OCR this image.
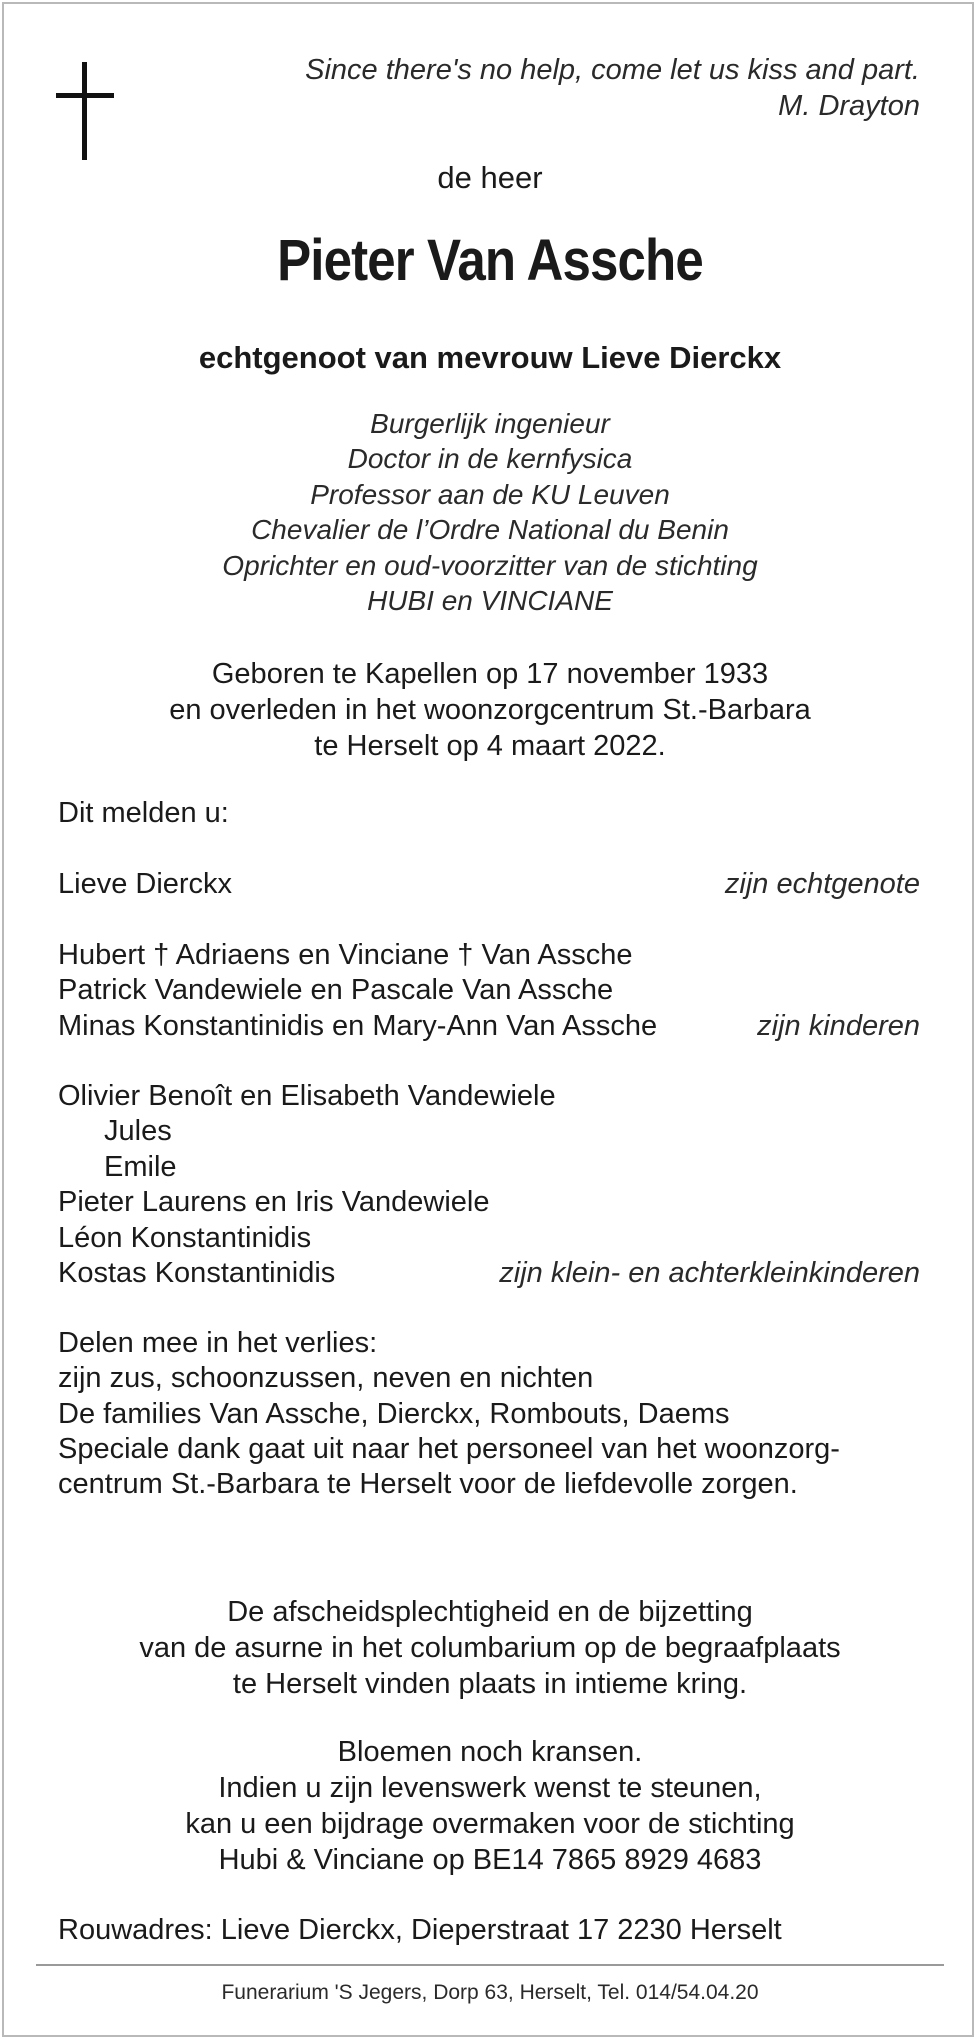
Since there's no help, come let us kiss and part.
M. Drayton
de heer
Pieter Van Assche
echtgenoot van mevrouw Lieve Dierckx
Burgerlijk ingenieur
Doctor in de kernfysica
Professor aan de KU Leuven
Chevalier de l’Ordre National du Benin
Oprichter en oud-voorzitter van de stichting
HUBI en VINCIANE
Geboren te Kapellen op 17 november 1933
en overleden in het woonzorgcentrum St.-Barbara
te Herselt op 4 maart 2022.
Dit melden u:
Lieve Dierckx	zijn echtgenote
Hubert † Adriaens en Vinciane † Van Assche
Patrick Vandewiele en Pascale Van Assche
Minas Konstantinidis en Mary-Ann Van Assche	zijn kinderen
Olivier Benoît en Elisabeth Vandewiele
Jules
Emile
Pieter Laurens en Iris Vandewiele
Léon Konstantinidis
Kostas Konstantinidis	zijn klein- en achterkleinkinderen
Delen mee in het verlies:
zijn zus, schoonzussen, neven en nichten
De families Van Assche, Dierckx, Rombouts, Daems
Speciale dank gaat uit naar het personeel van het woonzorg-
centrum St.-Barbara te Herselt voor de liefdevolle zorgen.
De afscheidsplechtigheid en de bijzetting
van de asurne in het columbarium op de begraafplaats
te Herselt vinden plaats in intieme kring.
Bloemen noch kransen.
Indien u zijn levenswerk wenst te steunen,
kan u een bijdrage overmaken voor de stichting
Hubi & Vinciane op BE14 7865 8929 4683
Rouwadres: Lieve Dierckx, Dieperstraat 17 2230 Herselt
Funerarium 'S Jegers, Dorp 63, Herselt, Tel. 014/54.04.20
